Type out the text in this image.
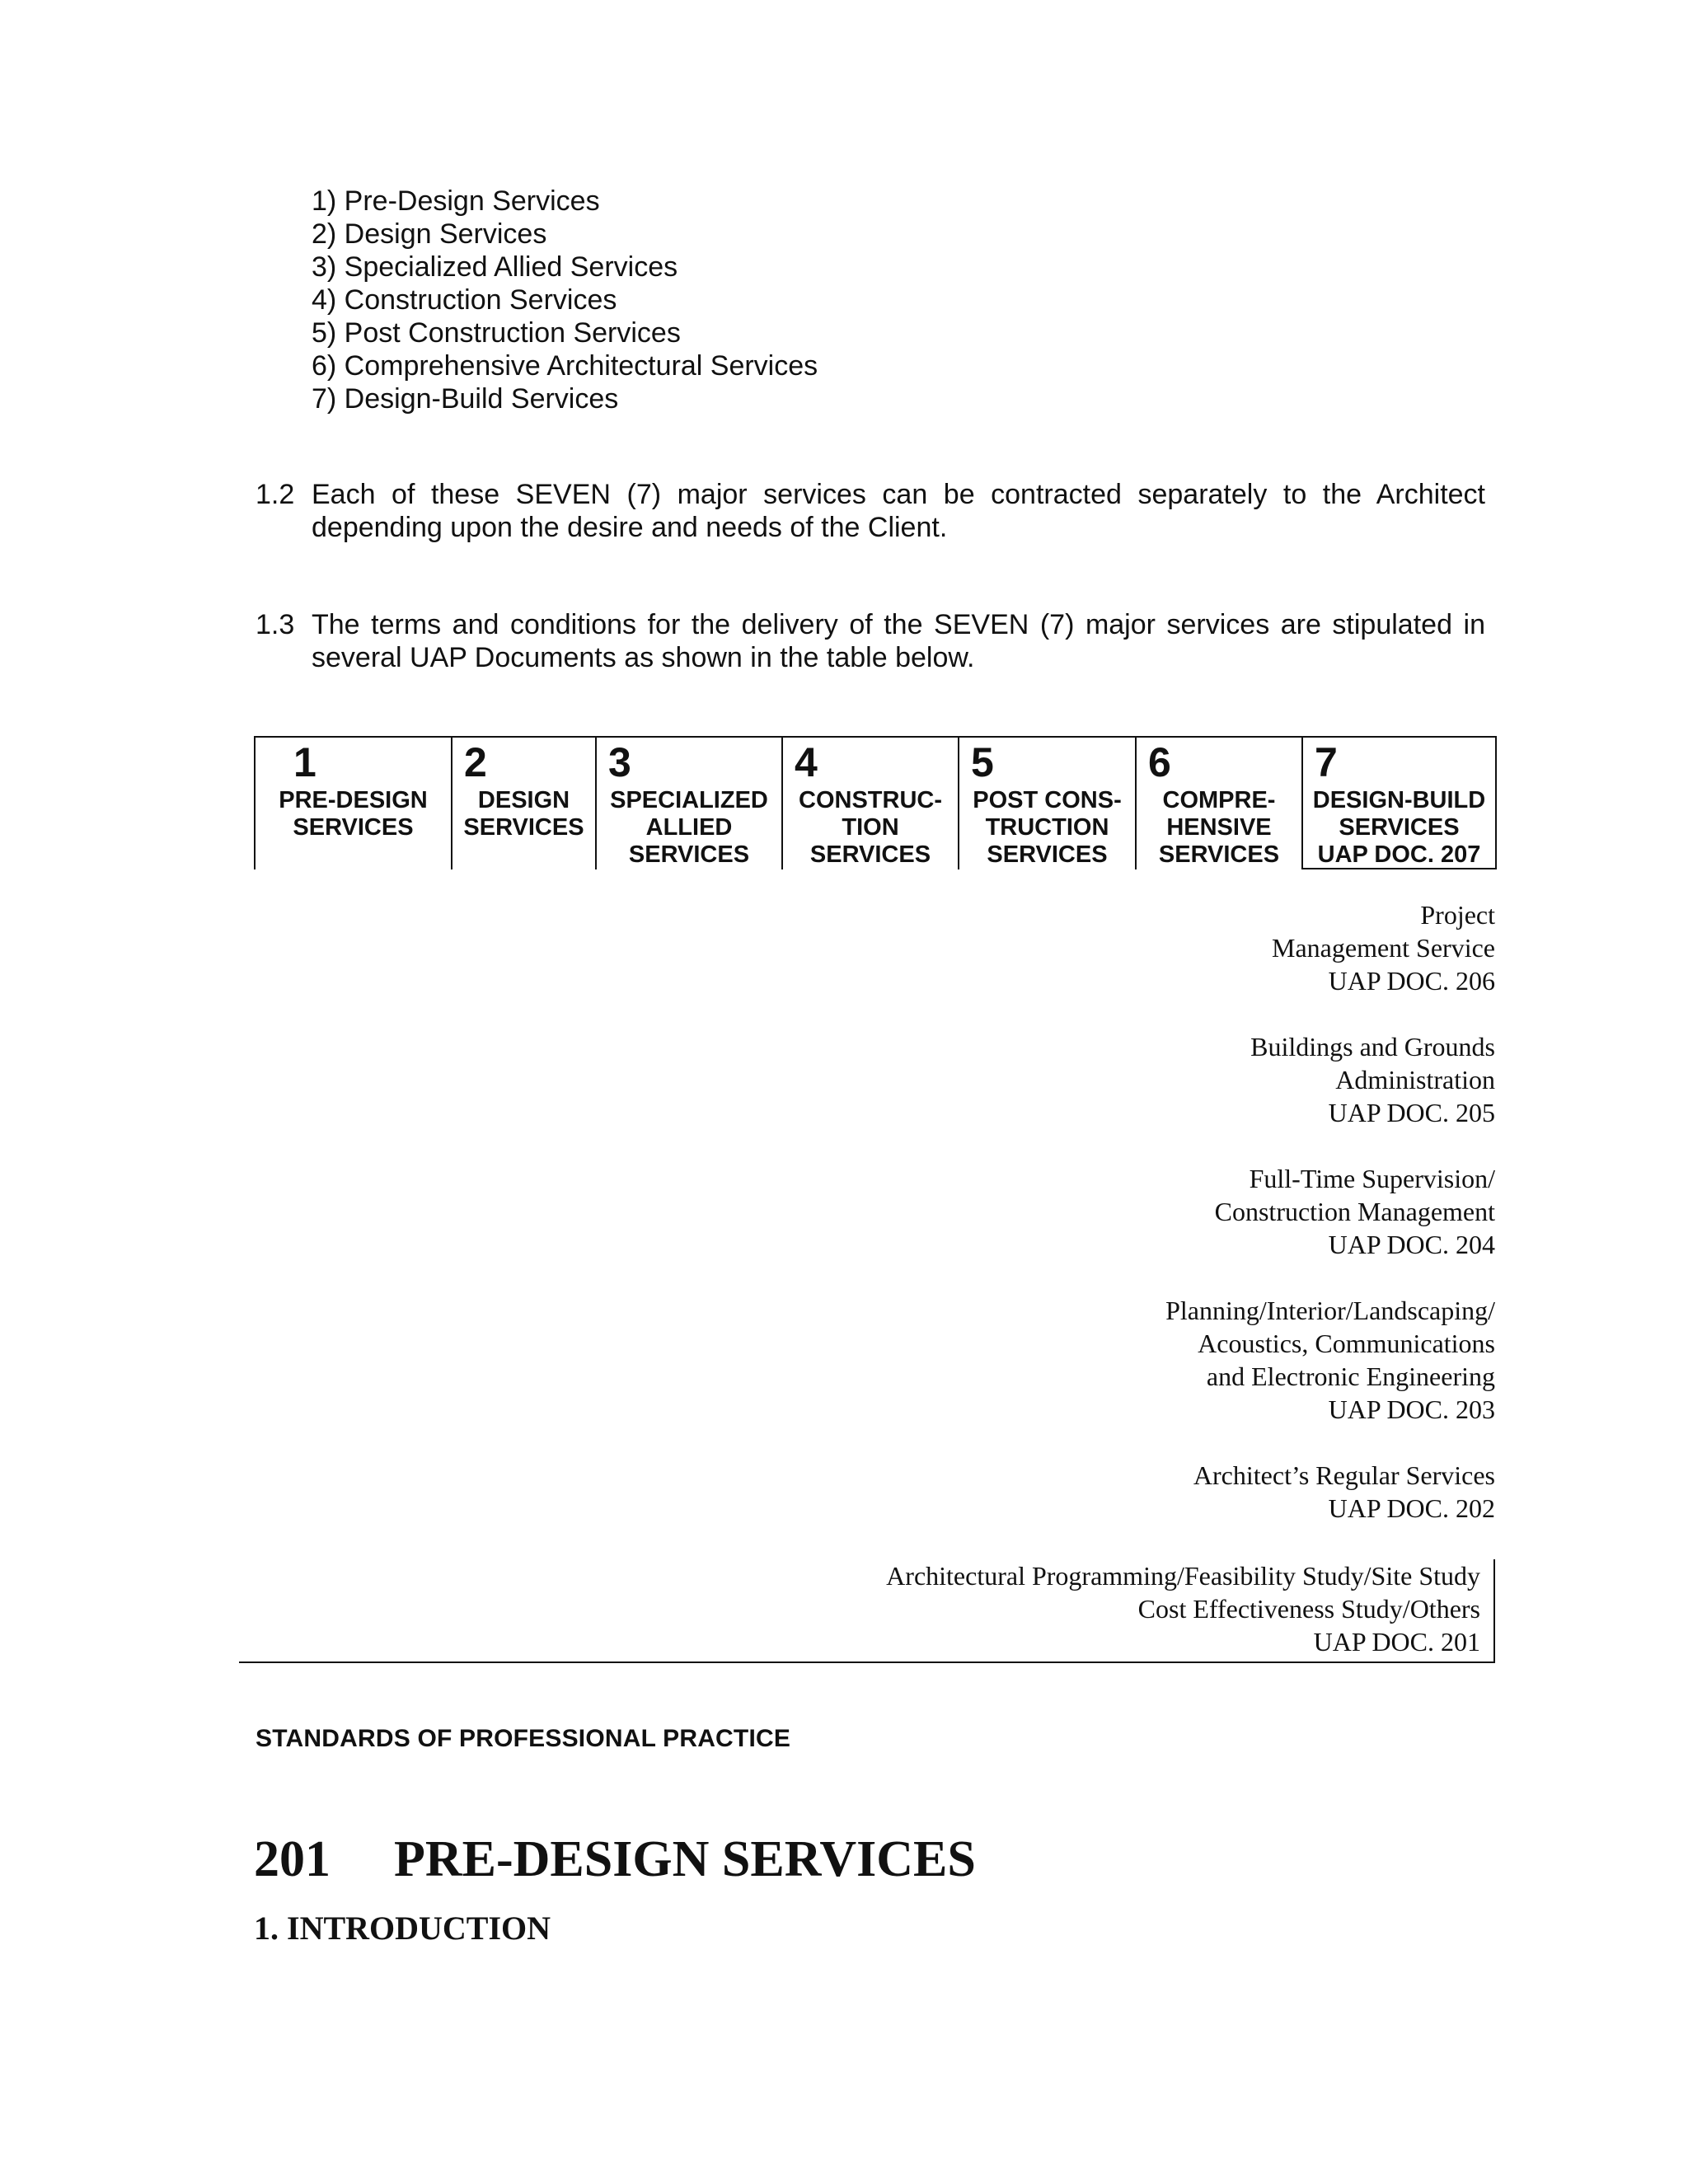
1) Pre-Design Services
2) Design Services
3) Specialized Allied Services
4) Construction Services
5) Post Construction Services
6) Comprehensive Architectural Services
7) Design-Build Services
1.2 Each of these SEVEN (7) major services can be contracted separately to the Architect depending upon the desire and needs of the Client.
1.3 The terms and conditions for the delivery of the SEVEN (7) major services are stipulated in several UAP Documents as shown in the table below.
1
PRE-DESIGN
SERVICES
2
DESIGN
SERVICES
3
SPECIALIZED
ALLIED
SERVICES
4
CONSTRUC-
TION
SERVICES
5
POST CONS-
TRUCTION
SERVICES
6
COMPRE-
HENSIVE
SERVICES
7
DESIGN-BUILD
SERVICES
UAP DOC. 207
Project
Management Service
UAP DOC. 206
Buildings and Grounds
Administration
UAP DOC. 205
Full-Time Supervision/
Construction Management
UAP DOC. 204
Planning/Interior/Landscaping/
Acoustics, Communications
and Electronic Engineering
UAP DOC. 203
Architect’s Regular Services
UAP DOC. 202
Architectural Programming/Feasibility Study/Site Study
Cost Effectiveness Study/Others
UAP DOC. 201
STANDARDS OF PROFESSIONAL PRACTICE
201 PRE-DESIGN SERVICES
1. INTRODUCTION
